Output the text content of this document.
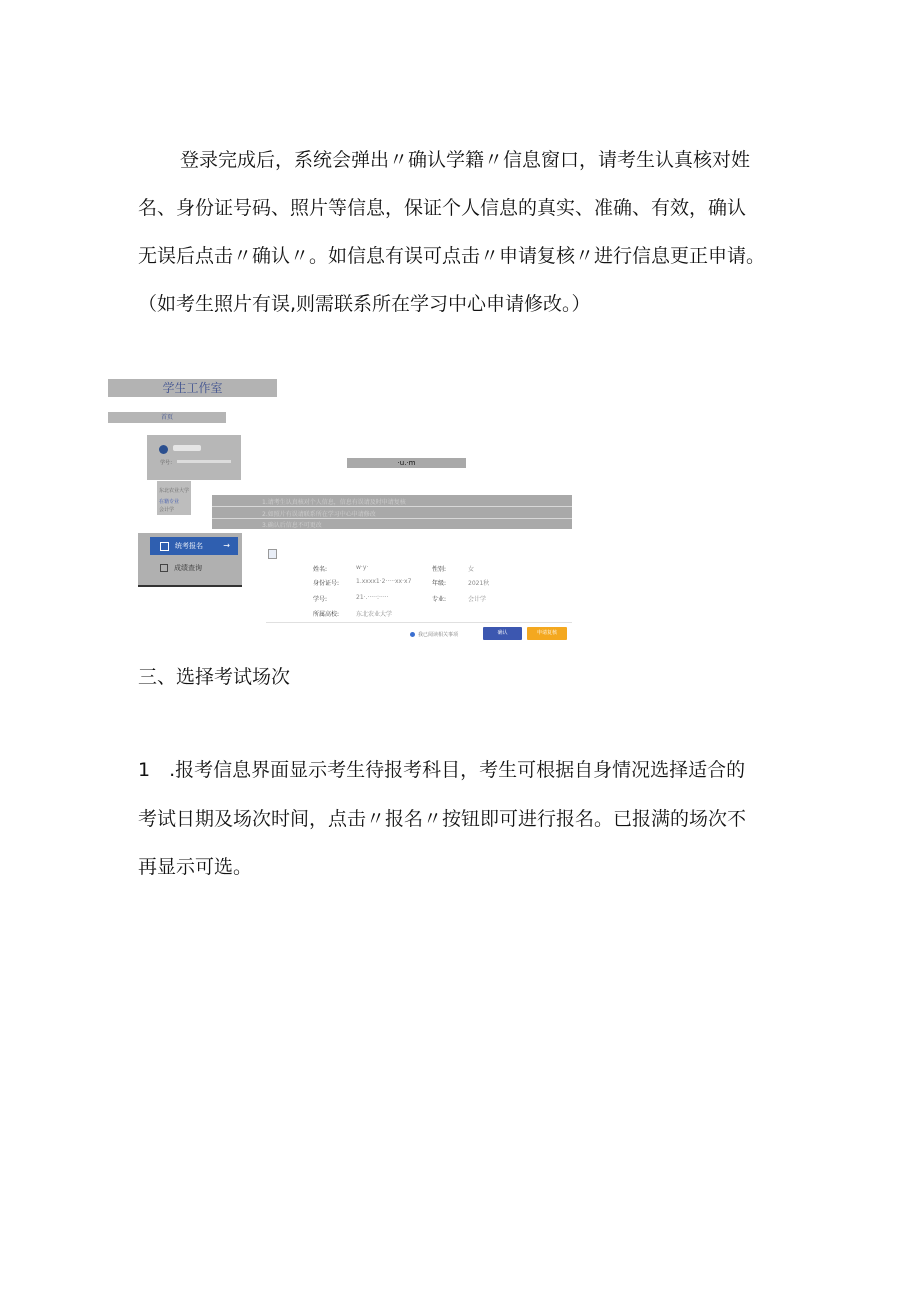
登录完成后，系统会弹出〃确认学籍〃信息窗口，请考生认真核对姓
名、身份证号码、照片等信息，保证个人信息的真实、准确、有效，确认
无误后点击〃确认〃。如信息有误可点击〃申请复核〃进行信息更正申请。
（如考生照片有误,则需联系所在学习中心申请修改。）
学生工作室
首页
学号：
东北农业大学
在籍专业
会计学
·u.·m
1.请考生认真核对个人信息，信息有误请及时申请复核
2.如照片有误请联系所在学习中心申请修改
3.确认后信息不可更改
统考报名	→
成绩查询	姓名:	w·y·	性别:	女
身份证号:	1.xxxx1·2·····xx·x7	年级:	2021秋
学号:	21·.·····:·····	专业:	会计学
所属高校:	东北农业大学
我已阅读相关事项	确认	申请复核
三、选择考试场次
1　.报考信息界面显示考生待报考科目，考生可根据自身情况选择适合的
考试日期及场次时间，点击〃报名〃按钮即可进行报名。已报满的场次不
再显示可选。
